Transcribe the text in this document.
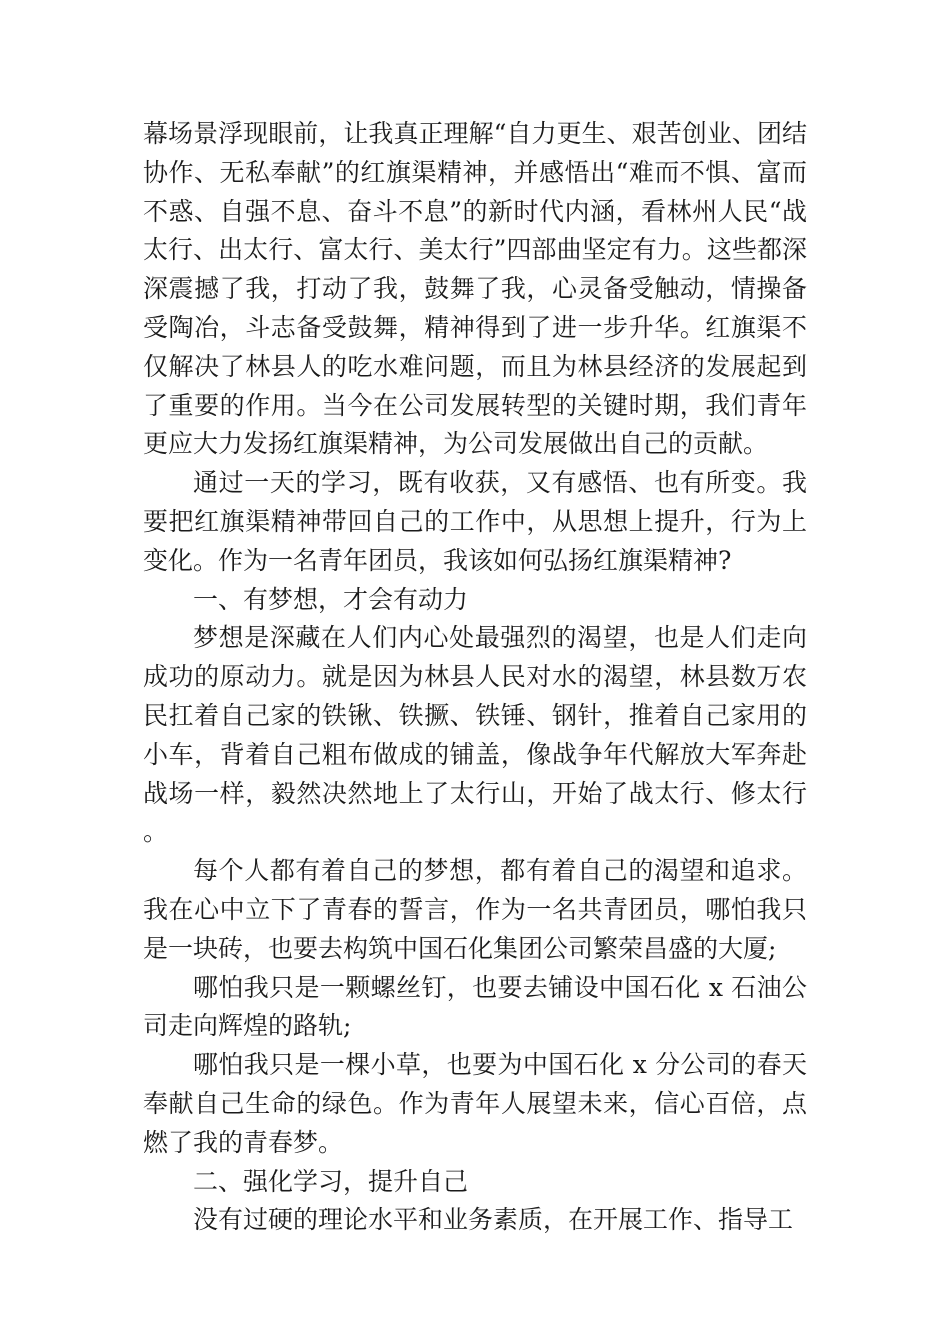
幕场景浮现眼前，让我真正理解“自力更生、艰苦创业、团结协作、无私奉献”的红旗渠精神，并感悟出“难而不惧、富而不惑、自强不息、奋斗不息”的新时代内涵，看林州人民“战太行、出太行、富太行、美太行”四部曲坚定有力。这些都深深震撼了我，打动了我，鼓舞了我，心灵备受触动，情操备受陶冶，斗志备受鼓舞，精神得到了进一步升华。红旗渠不仅解决了林县人的吃水难问题，而且为林县经济的发展起到了重要的作用。当今在公司发展转型的关键时期，我们青年更应大力发扬红旗渠精神，为公司发展做出自己的贡献。

通过一天的学习，既有收获，又有感悟、也有所变。我要把红旗渠精神带回自己的工作中，从思想上提升，行为上变化。作为一名青年团员，我该如何弘扬红旗渠精神?

一、有梦想，才会有动力

梦想是深藏在人们内心处最强烈的渴望，也是人们走向成功的原动力。就是因为林县人民对水的渴望，林县数万农民扛着自己家的铁锹、铁撅、铁锤、钢针，推着自己家用的小车，背着自己粗布做成的铺盖，像战争年代解放大军奔赴战场一样，毅然决然地上了太行山，开始了战太行、修太行。

每个人都有着自己的梦想，都有着自己的渴望和追求。我在心中立下了青春的誓言，作为一名共青团员，哪怕我只是一块砖，也要去构筑中国石化集团公司繁荣昌盛的大厦;

哪怕我只是一颗螺丝钉，也要去铺设中国石化 x 石油公司走向辉煌的路轨;

哪怕我只是一棵小草，也要为中国石化 x 分公司的春天奉献自己生命的绿色。作为青年人展望未来，信心百倍，点燃了我的青春梦。

二、强化学习，提升自己

没有过硬的理论水平和业务素质，在开展工作、指导工
